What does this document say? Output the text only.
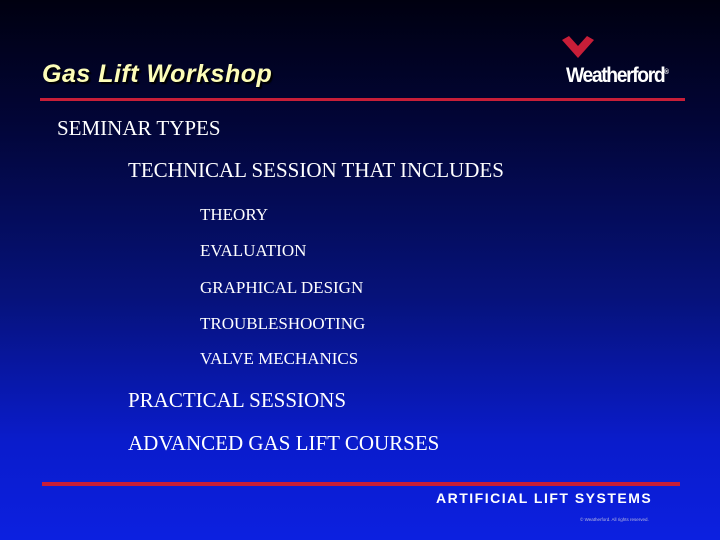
Gas Lift Workshop	Weatherford®
SEMINAR TYPES
TECHNICAL SESSION THAT INCLUDES
THEORY
EVALUATION
GRAPHICAL DESIGN
TROUBLESHOOTING
VALVE MECHANICS
PRACTICAL SESSIONS
ADVANCED GAS LIFT COURSES
ARTIFICIAL LIFT SYSTEMS
© Weatherford. All rights reserved.
